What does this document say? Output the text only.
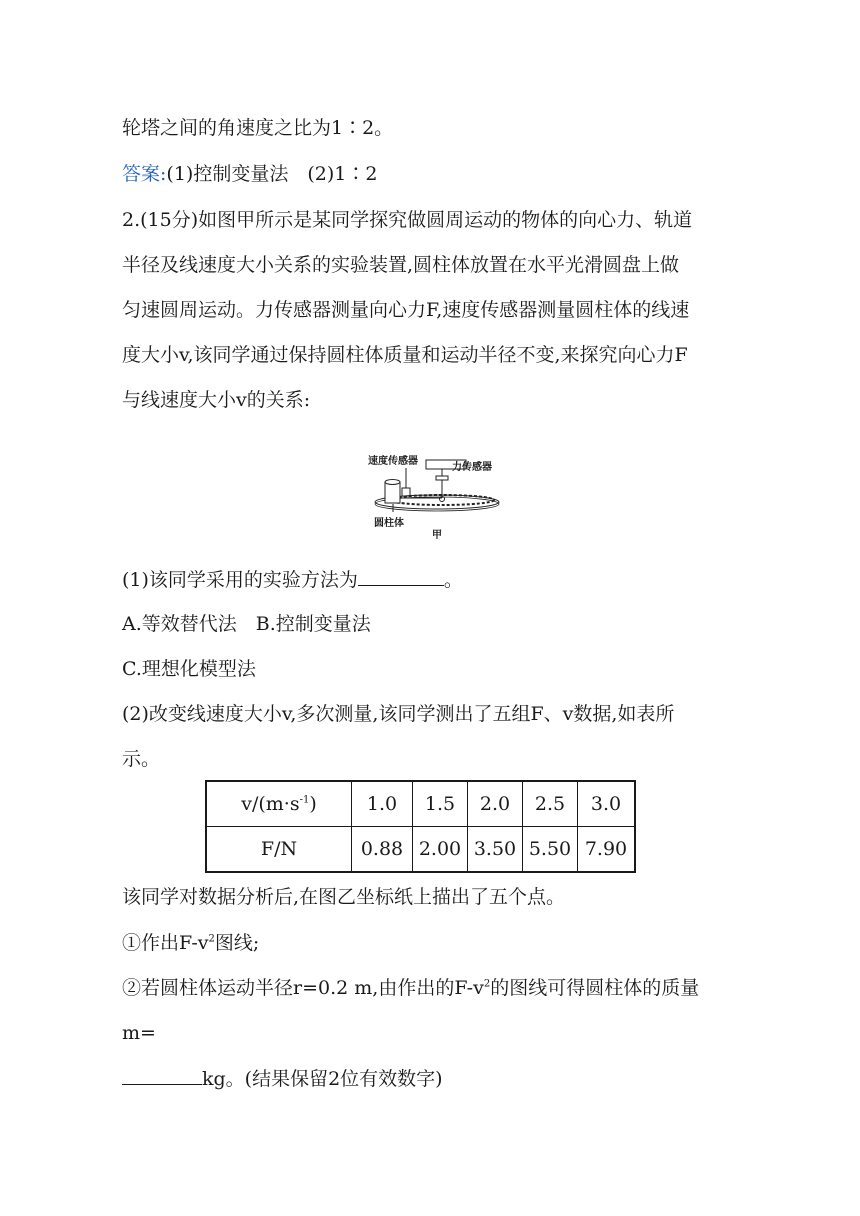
轮塔之间的角速度之比为1∶2。
答案:(1)控制变量法　(2)1∶2
2.(15分)如图甲所示是某同学探究做圆周运动的物体的向心力、轨道
半径及线速度大小关系的实验装置,圆柱体放置在水平光滑圆盘上做
匀速圆周运动。力传感器测量向心力F,速度传感器测量圆柱体的线速
度大小v,该同学通过保持圆柱体质量和运动半径不变,来探究向心力F
与线速度大小v的关系:
速度传感器
力传感器
圆柱体
甲
(1)该同学采用的实验方法为	。
A.等效替代法　B.控制变量法
C.理想化模型法
(2)改变线速度大小v,多次测量,该同学测出了五组F、v数据,如表所
示。
$v/(m\cdot s^{-1})$	1.0	1.5	2.0	2.5	3.0
F/N	0.88	2.00	3.50	5.50	7.90
该同学对数据分析后,在图乙坐标纸上描出了五个点。
①作出$F-v^2$图线;
②若圆柱体运动半径r=0.2 m,由作出的$F-v^2$的图线可得圆柱体的质量
m=
kg。(结果保留2位有效数字)
